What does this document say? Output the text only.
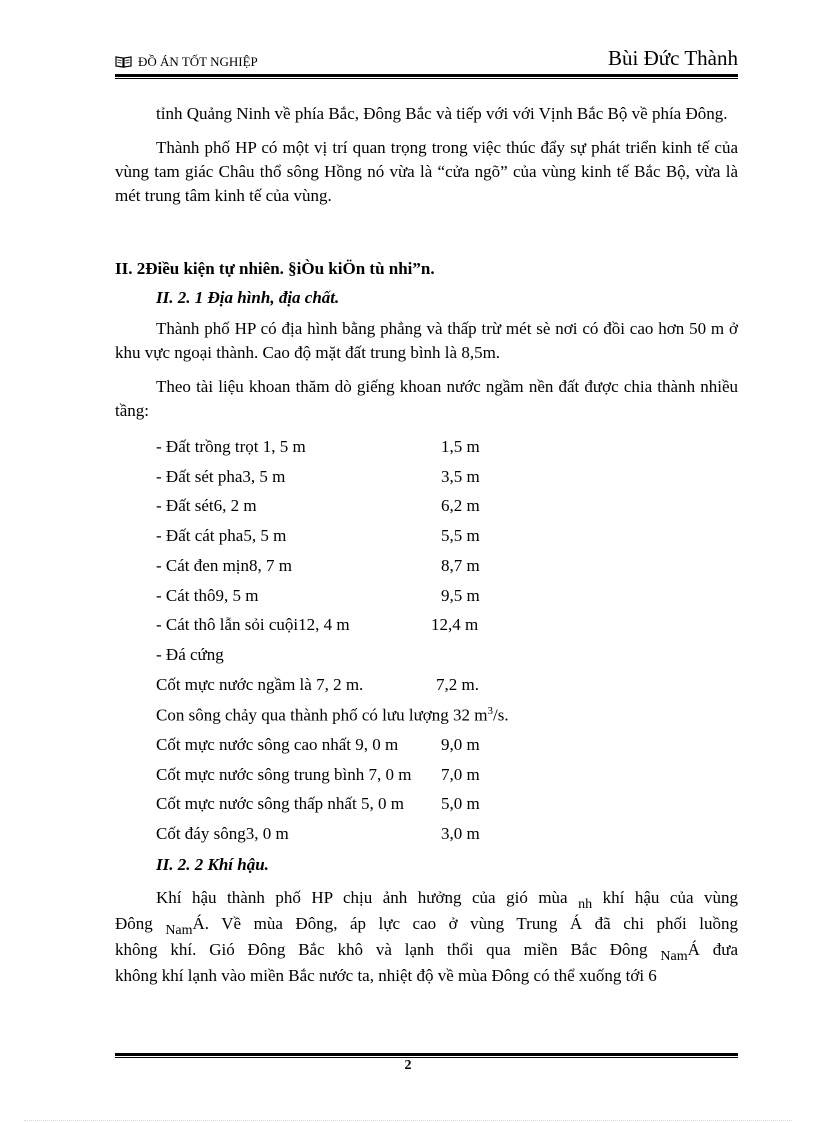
ĐỒ ÁN TỐT NGHIỆP	Bùi Đức Thành

tỉnh Quảng Ninh về phía Bắc, Đông Bắc và tiếp với với Vịnh Bắc Bộ về phía Đông.

Thành phố HP có một vị trí quan trọng trong việc thúc đẩy sự phát triển kinh tế của vùng tam giác Châu thổ sông Hồng nó vừa là “cửa ngõ” của vùng kinh tế Bắc Bộ, vừa là mét trung tâm kinh tế của vùng.

II. 2Điều kiện tự nhiên. §iÒu kiÖn tù nhi”n.

II. 2. 1 Địa hình, địa chất.

Thành phố HP có địa hình bằng phẳng và thấp trừ mét sè nơi có đồi cao hơn 50 m ở khu vực ngoại thành. Cao độ mặt đất trung bình là 8,5m.

Theo tài liệu khoan thăm dò giếng khoan nước ngầm nền đất được chia thành nhiều tầng:

- Đất trồng trọt 1, 5 m	1,5 m
- Đất sét pha3, 5 m	3,5 m
- Đất sét6, 2 m	6,2 m
- Đất cát pha5, 5 m	5,5 m
- Cát đen mịn8, 7 m	8,7 m
- Cát thô9, 5 m	9,5 m
- Cát thô lẫn sỏi cuội12, 4 m	12,4 m
- Đá cứng
Cốt mực nước ngầm là 7, 2 m.	7,2 m.
Con sông chảy qua thành phố có lưu lượng 32 $m^3/s$.
Cốt mực nước sông cao nhất 9, 0 m	9,0 m
Cốt mực nước sông trung bình 7, 0 m 7,0 m
Cốt mực nước sông thấp nhất 5, 0 m 5,0 m
Cốt đáy sông3, 0 m	3,0 m

II. 2. 2 Khí hậu.

Khí hậu thành phố HP chịu ảnh hưởng của gió mùa $_{nh}$ khí hậu của vùng
Đông $_{Nam}$Á. Về mùa Đông, áp lực cao ở vùng Trung Á đã chi phối luồng
không khí. Gió Đông Bắc khô và lạnh thổi qua miền Bắc Đông $_{Nam}$Á đưa
không khí lạnh vào miền Bắc nước ta, nhiệt độ về mùa Đông có thể xuống tới 6
2
